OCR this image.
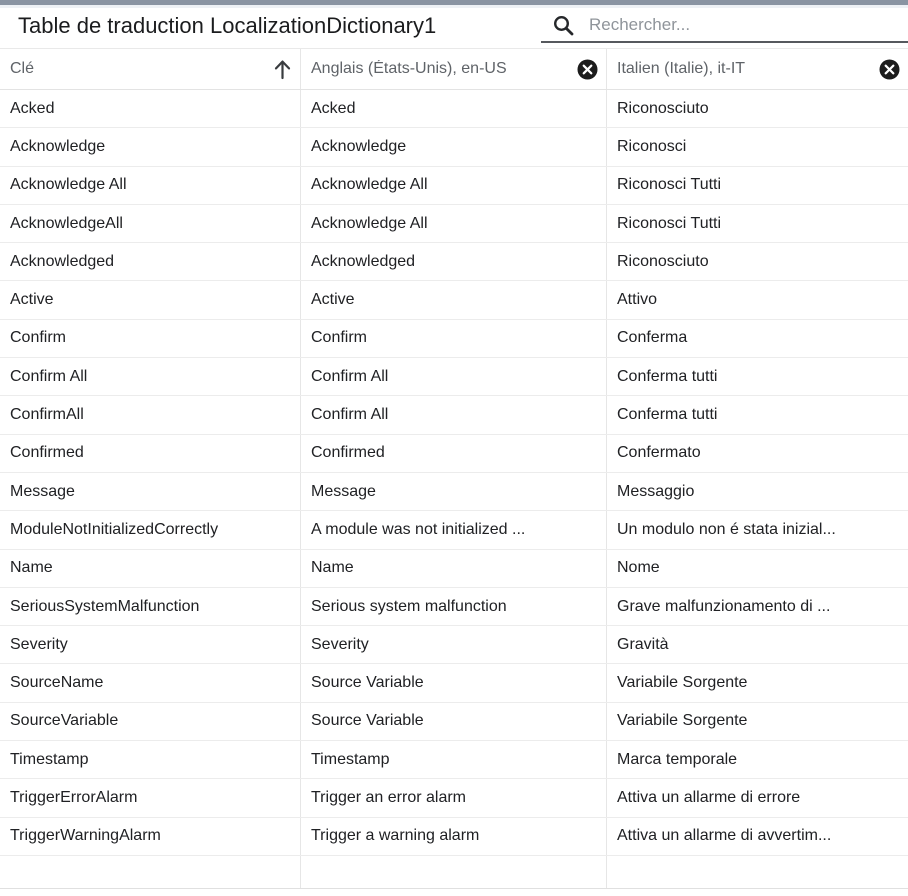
Table de traduction LocalizationDictionary1
Rechercher...
Clé	Anglais (États-Unis), en-US	Italien (Italie), it-IT
Acked	Acked	Riconosciuto
Acknowledge	Acknowledge	Riconosci
Acknowledge All	Acknowledge All	Riconosci Tutti
AcknowledgeAll	Acknowledge All	Riconosci Tutti
Acknowledged	Acknowledged	Riconosciuto
Active	Active	Attivo
Confirm	Confirm	Conferma
Confirm All	Confirm All	Conferma tutti
ConfirmAll	Confirm All	Conferma tutti
Confirmed	Confirmed	Confermato
Message	Message	Messaggio
ModuleNotInitializedCorrectly	A module was not initialized ...	Un modulo non é stata inizial...
Name	Name	Nome
SeriousSystemMalfunction	Serious system malfunction	Grave malfunzionamento di ...
Severity	Severity	Gravità
SourceName	Source Variable	Variabile Sorgente
SourceVariable	Source Variable	Variabile Sorgente
Timestamp	Timestamp	Marca temporale
TriggerErrorAlarm	Trigger an error alarm	Attiva un allarme di errore
TriggerWarningAlarm	Trigger a warning alarm	Attiva un allarme di avvertim...
